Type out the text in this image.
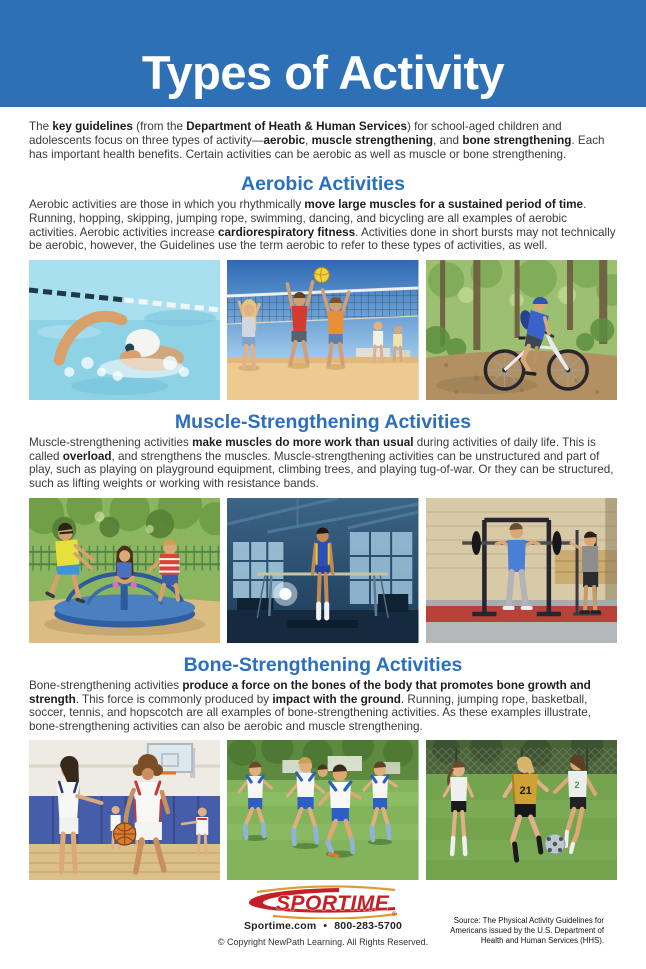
Types of Activity

The key guidelines (from the Department of Heath & Human Services) for school-aged children and adolescents focus on three types of activity—aerobic, muscle strengthening, and bone strengthening. Each has important health benefits. Certain activities can be aerobic as well as muscle or bone strengthening.

Aerobic Activities

Aerobic activities are those in which you rhythmically move large muscles for a sustained period of time. Running, hopping, skipping, jumping rope, swimming, dancing, and bicycling are all examples of aerobic activities. Aerobic activities increase cardiorespiratory fitness. Activities done in short bursts may not technically be aerobic, however, the Guidelines use the term aerobic to refer to these types of activities, as well.

Muscle-Strengthening Activities

Muscle-strengthening activities make muscles do more work than usual during activities of daily life. This is called overload, and strengthens the muscles. Muscle-strengthening activities can be unstructured and part of play, such as playing on playground equipment, climbing trees, and playing tug-of-war. Or they can be structured, such as lifting weights or working with resistance bands.

Bone-Strengthening Activities

Bone-strengthening activities produce a force on the bones of the body that promotes bone growth and strength. This force is commonly produced by impact with the ground. Running, jumping rope, basketball, soccer, tennis, and hopscotch are all examples of bone-strengthening activities. As these examples illustrate, bone-strengthening activities can also be aerobic and muscle strengthening.

21
2
SPORTIME ®
Sportime.com • 800-283-5700
© Copyright NewPath Learning. All Rights Reserved.
Source: The Physical Activity Guidelines for
Americans issued by the U.S. Department of
Health and Human Services (HHS).
